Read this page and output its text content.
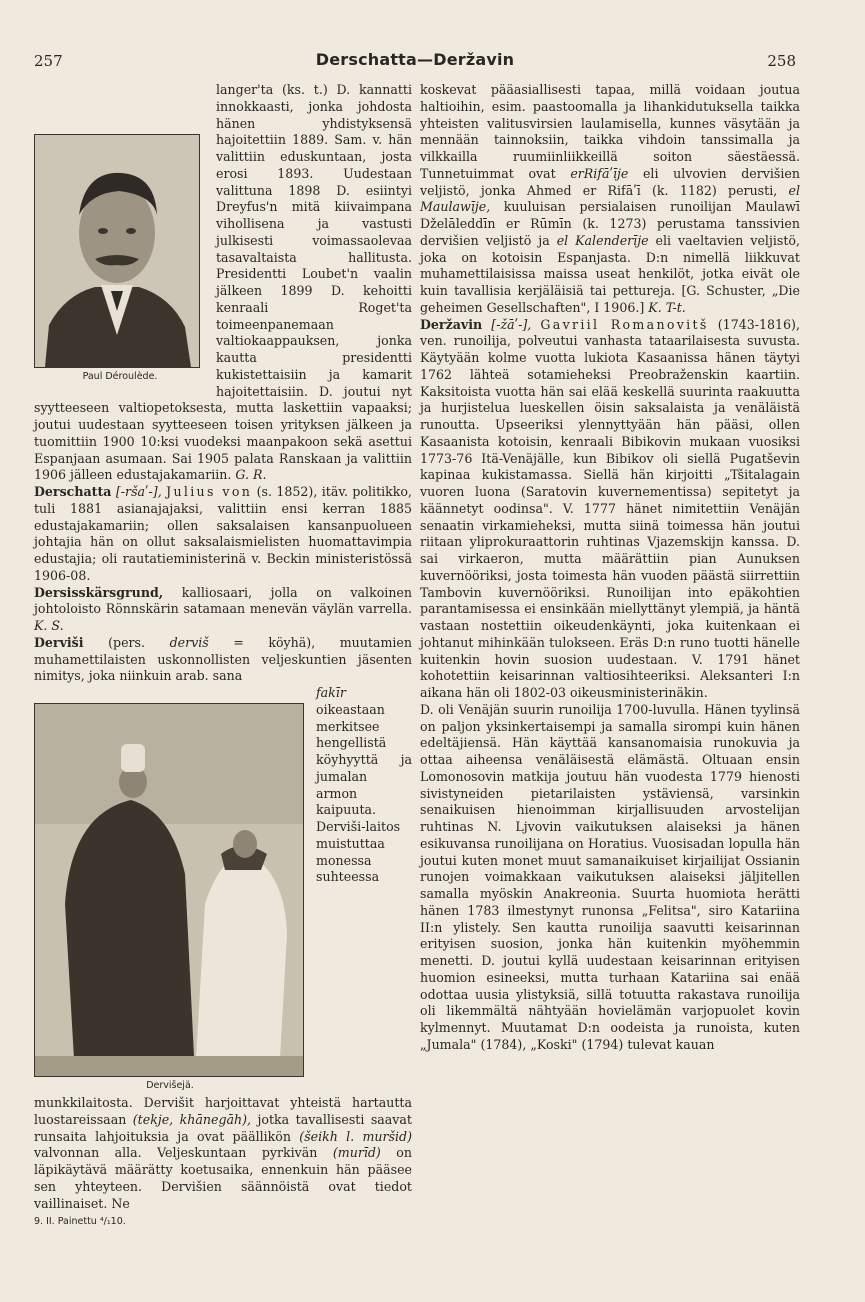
257	Derschatta—Deržavin	258
Paul Déroulède.

langer'ta (ks. t.) D. kannatti innokkaasti, jonka johdosta hänen yhdistyksensä hajoitettiin 1889. Sam. v. hän valittiin eduskuntaan, josta erosi 1893. Uudestaan valittuna 1898 D. esiintyi Dreyfus'n mitä kiivaimpana vihollisena ja vastusti julkisesti voimassaolevaa tasavaltaista hallitusta. Presidentti Loubet'n vaalin jälkeen 1899 D. kehoitti kenraali Roget'ta toimeenpanemaan valtiokaappauksen, jonka kautta presidentti kukistettaisiin ja kamarit hajoitettaisiin. D. joutui nyt syytteeseen valtiopetoksesta, mutta laskettiin vapaaksi; joutui uudestaan syytteeseen toisen yrityksen jälkeen ja tuomittiin 1900 10:ksi vuodeksi maanpakoon sekä asettui Espanjaan asumaan. Sai 1905 palata Ranskaan ja valittiin 1906 jälleen edustajakamariin. G. R.

Derschatta [-ršaʹ-], Julius von (s. 1852), itäv. politikko, tuli 1881 asianajajaksi, valittiin ensi kerran 1885 edustajakamariin; ollen saksalaisen kansanpuolueen johtajia hän on ollut saksalaismielisten huomattavimpia edustajia; oli rautatieministerinä v. Beckin ministeristössä 1906-08.

Dersisskärsgrund, kalliosaari, jolla on valkoinen johtoloisto Rönnskärin satamaan menevän väylän varrella. K. S.

Derviši (pers. derviš = köyhä), muutamien muhamettilaisten uskonnollisten veljeskuntien jäsenten nimitys, joka niinkuin arab. sana

Dervišejä.

fakīr oikeastaan merkitsee hengellistä köyhyyttä ja jumalan armon kaipuuta. Derviši-laitos muistuttaa monessa suhteessa munkkilaitosta. Dervišit harjoittavat yhteistä hartautta luostareissaan (tekje, khānegāh), jotka tavallisesti saavat runsaita lahjoituksia ja ovat päällikön (šeikh l. muršid) valvonnan alla. Veljeskuntaan pyrkivän (murīd) on läpikäytävä määrätty koetusaika, ennenkuin hän pääsee sen yhteyteen. Dervišien säännöistä ovat tiedot vaillinaiset. Ne

9. II. Painettu ⁴/₁10.

koskevat pääasiallisesti tapaa, millä voidaan joutua haltioihin, esim. paastoomalla ja lihankidutuksella taikka yhteisten valitusvirsien laulamisella, kunnes väsytään ja mennään tainnoksiin, taikka vihdoin tanssimalla ja vilkkailla ruumiinliikkeillä soiton säestäessä. Tunnetuimmat ovat erRifāʹīje eli ulvovien dervišien veljistö, jonka Ahmed er Rifāʹī (k. 1182) perusti, el Maulawīje, kuuluisan persialaisen runoilijan Maulawī Dželāleddīn er Rūmīn (k. 1273) perustama tanssivien dervišien veljistö ja el Kalenderīje eli vaeltavien veljistö, joka on kotoisin Espanjasta. D:n nimellä liikkuvat muhamettilaisissa maissa useat henkilöt, jotka eivät ole kuin tavallisia kerjäläisiä tai pettureja. [G. Schuster, „Die geheimen Gesellschaften", I 1906.] K. T-t.

Deržavin [-žāʹ-], Gavriil Romanovitš (1743-1816), ven. runoilija, polveutui vanhasta tataarilaisesta suvusta. Käytyään kolme vuotta lukiota Kasaanissa hänen täytyi 1762 lähteä sotamieheksi Preobraženskin kaartiin. Kaksitoista vuotta hän sai elää keskellä suurinta raakuutta ja hurjistelua lueskellen öisin saksalaista ja venäläistä runoutta. Upseeriksi ylennyttyään hän pääsi, ollen Kasaanista kotoisin, kenraali Bibikovin mukaan vuosiksi 1773-76 Itä-Venäjälle, kun Bibikov oli siellä Pugatševin kapinaa kukistamassa. Siellä hän kirjoitti „Tšitalagain vuoren luona (Saratovin kuvernementissa) sepitetyt ja käännetyt oodinsa". V. 1777 hänet nimitettiin Venäjän senaatin virkamieheksi, mutta siinä toimessa hän joutui riitaan yliprokuraattorin ruhtinas Vjazemskijn kanssa. D. sai virkaeron, mutta määrättiin pian Aunuksen kuvernööriksi, josta toimesta hän vuoden päästä siirrettiin Tambovin kuvernööriksi. Runoilijan into epäkohtien parantamisessa ei ensinkään miellyttänyt ylempiä, ja häntä vastaan nostettiin oikeudenkäynti, joka kuitenkaan ei johtanut mihinkään tulokseen. Eräs D:n runo tuotti hänelle kuitenkin hovin suosion uudestaan. V. 1791 hänet kohotettiin keisarinnan valtiosihteeriksi. Aleksanteri I:n aikana hän oli 1802-03 oikeusministerinäkin.

D. oli Venäjän suurin runoilija 1700-luvulla. Hänen tyylinsä on paljon yksinkertaisempi ja samalla sirompi kuin hänen edeltäjiensä. Hän käyttää kansanomaisia runokuvia ja ottaa aiheensa venäläisestä elämästä. Oltuaan ensin Lomonosovin matkija joutuu hän vuodesta 1779 hienosti sivistyneiden pietarilaisten ystäviensä, varsinkin senaikuisen hienoimman kirjallisuuden arvostelijan ruhtinas N. Ljvovin vaikutuksen alaiseksi ja hänen esikuvansa runoilijana on Horatius. Vuosisadan lopulla hän joutui kuten monet muut samanaikuiset kirjailijat Ossianin runojen voimakkaan vaikutuksen alaiseksi jäljitellen samalla myöskin Anakreonia. Suurta huomiota herätti hänen 1783 ilmestynyt runonsa „Felitsa", siro Katariina II:n ylistely. Sen kautta runoilija saavutti keisarinnan erityisen suosion, jonka hän kuitenkin myöhemmin menetti. D. joutui kyllä uudestaan keisarinnan erityisen huomion esineeksi, mutta turhaan Katariina sai enää odottaa uusia ylistyksiä, sillä totuutta rakastava runoilija oli likemmältä nähtyään hovielämän varjopuolet kovin kylmennyt. Muutamat D:n oodeista ja runoista, kuten „Jumala" (1784), „Koski" (1794) tulevat kauan
